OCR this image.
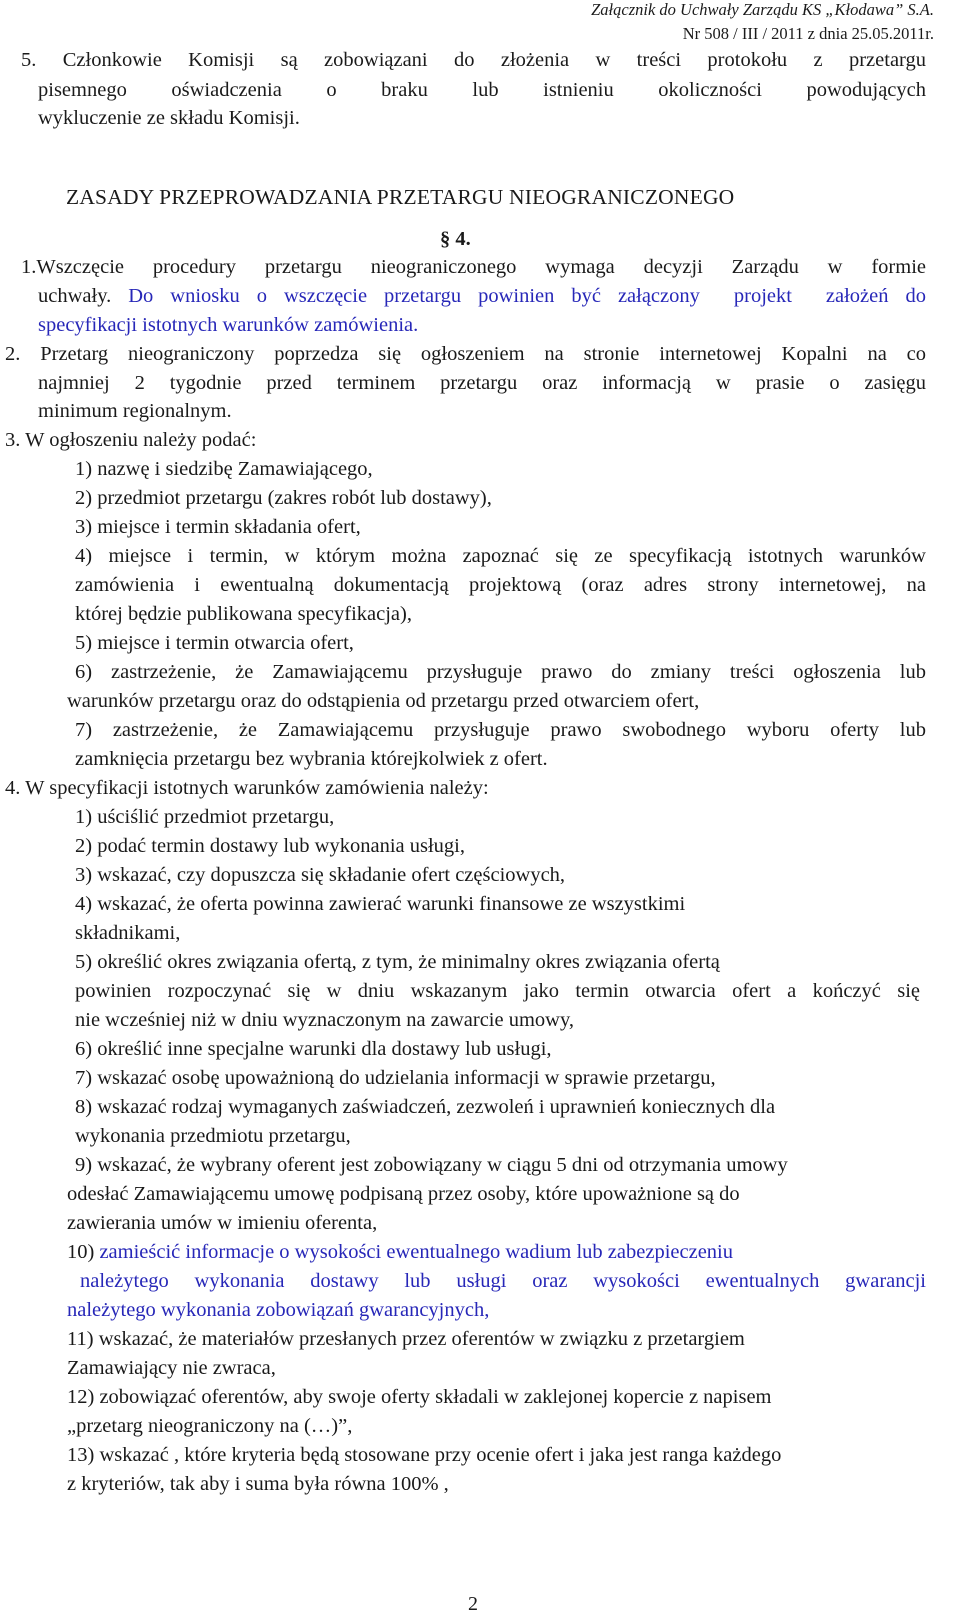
Załącznik do Uchwały Zarządu KS „Kłodawa” S.A.
Nr 508 / III / 2011 z dnia 25.05.2011r.
5. Członkowie Komisji są zobowiązani do złożenia w treści protokołu z przetargu
pisemnego oświadczenia o braku lub istnieniu okoliczności powodujących
wykluczenie ze składu Komisji.
ZASADY PRZEPROWADZANIA PRZETARGU NIEOGRANICZONEGO
§ 4.
1.Wszczęcie procedury przetargu nieograniczonego wymaga decyzji Zarządu w formie
uchwały. Do wniosku o wszczęcie przetargu powinien być załączony  projekt  założeń do
specyfikacji istotnych warunków zamówienia.
2. Przetarg nieograniczony poprzedza się ogłoszeniem na stronie internetowej Kopalni na co
najmniej 2 tygodnie przed terminem przetargu oraz informacją w prasie o zasięgu
minimum regionalnym.
3. W ogłoszeniu należy podać:
1) nazwę i siedzibę Zamawiającego,
2) przedmiot przetargu (zakres robót lub dostawy),
3) miejsce i termin składania ofert,
4) miejsce i termin, w którym można zapoznać się ze specyfikacją istotnych warunków
zamówienia i ewentualną dokumentacją projektową (oraz adres strony internetowej, na
której będzie publikowana specyfikacja),
5) miejsce i termin otwarcia ofert,
6) zastrzeżenie, że Zamawiającemu przysługuje prawo do zmiany treści ogłoszenia lub
warunków przetargu oraz do odstąpienia od przetargu przed otwarciem ofert,
7) zastrzeżenie, że Zamawiającemu przysługuje prawo swobodnego wyboru oferty lub
zamknięcia przetargu bez wybrania którejkolwiek z ofert.
4. W specyfikacji istotnych warunków zamówienia należy:
1) uściślić przedmiot przetargu,
2) podać termin dostawy lub wykonania usługi,
3) wskazać, czy dopuszcza się składanie ofert częściowych,
4) wskazać, że oferta powinna zawierać warunki finansowe ze wszystkimi
składnikami,
5) określić okres związania ofertą, z tym, że minimalny okres związania ofertą
powinien rozpoczynać się w dniu wskazanym jako termin otwarcia ofert a kończyć się
nie wcześniej niż w dniu wyznaczonym na zawarcie umowy,
6) określić inne specjalne warunki dla dostawy lub usługi,
7) wskazać osobę upoważnioną do udzielania informacji w sprawie przetargu,
8) wskazać rodzaj wymaganych zaświadczeń, zezwoleń i uprawnień koniecznych dla
wykonania przedmiotu przetargu,
9) wskazać, że wybrany oferent jest zobowiązany w ciągu 5 dni od otrzymania umowy
odesłać Zamawiającemu umowę podpisaną przez osoby, które upoważnione są do
zawierania umów w imieniu oferenta,
10) zamieścić informacje o wysokości ewentualnego wadium lub zabezpieczeniu
należytego wykonania dostawy lub usługi oraz wysokości ewentualnych gwarancji
należytego wykonania zobowiązań gwarancyjnych,
11) wskazać, że materiałów przesłanych przez oferentów w związku z przetargiem
Zamawiający nie zwraca,
12) zobowiązać oferentów, aby swoje oferty składali w zaklejonej kopercie z napisem
„przetarg nieograniczony na (…)”,
13) wskazać , które kryteria będą stosowane przy ocenie ofert i jaka jest ranga każdego
z kryteriów, tak aby i suma była równa 100% ,
2
